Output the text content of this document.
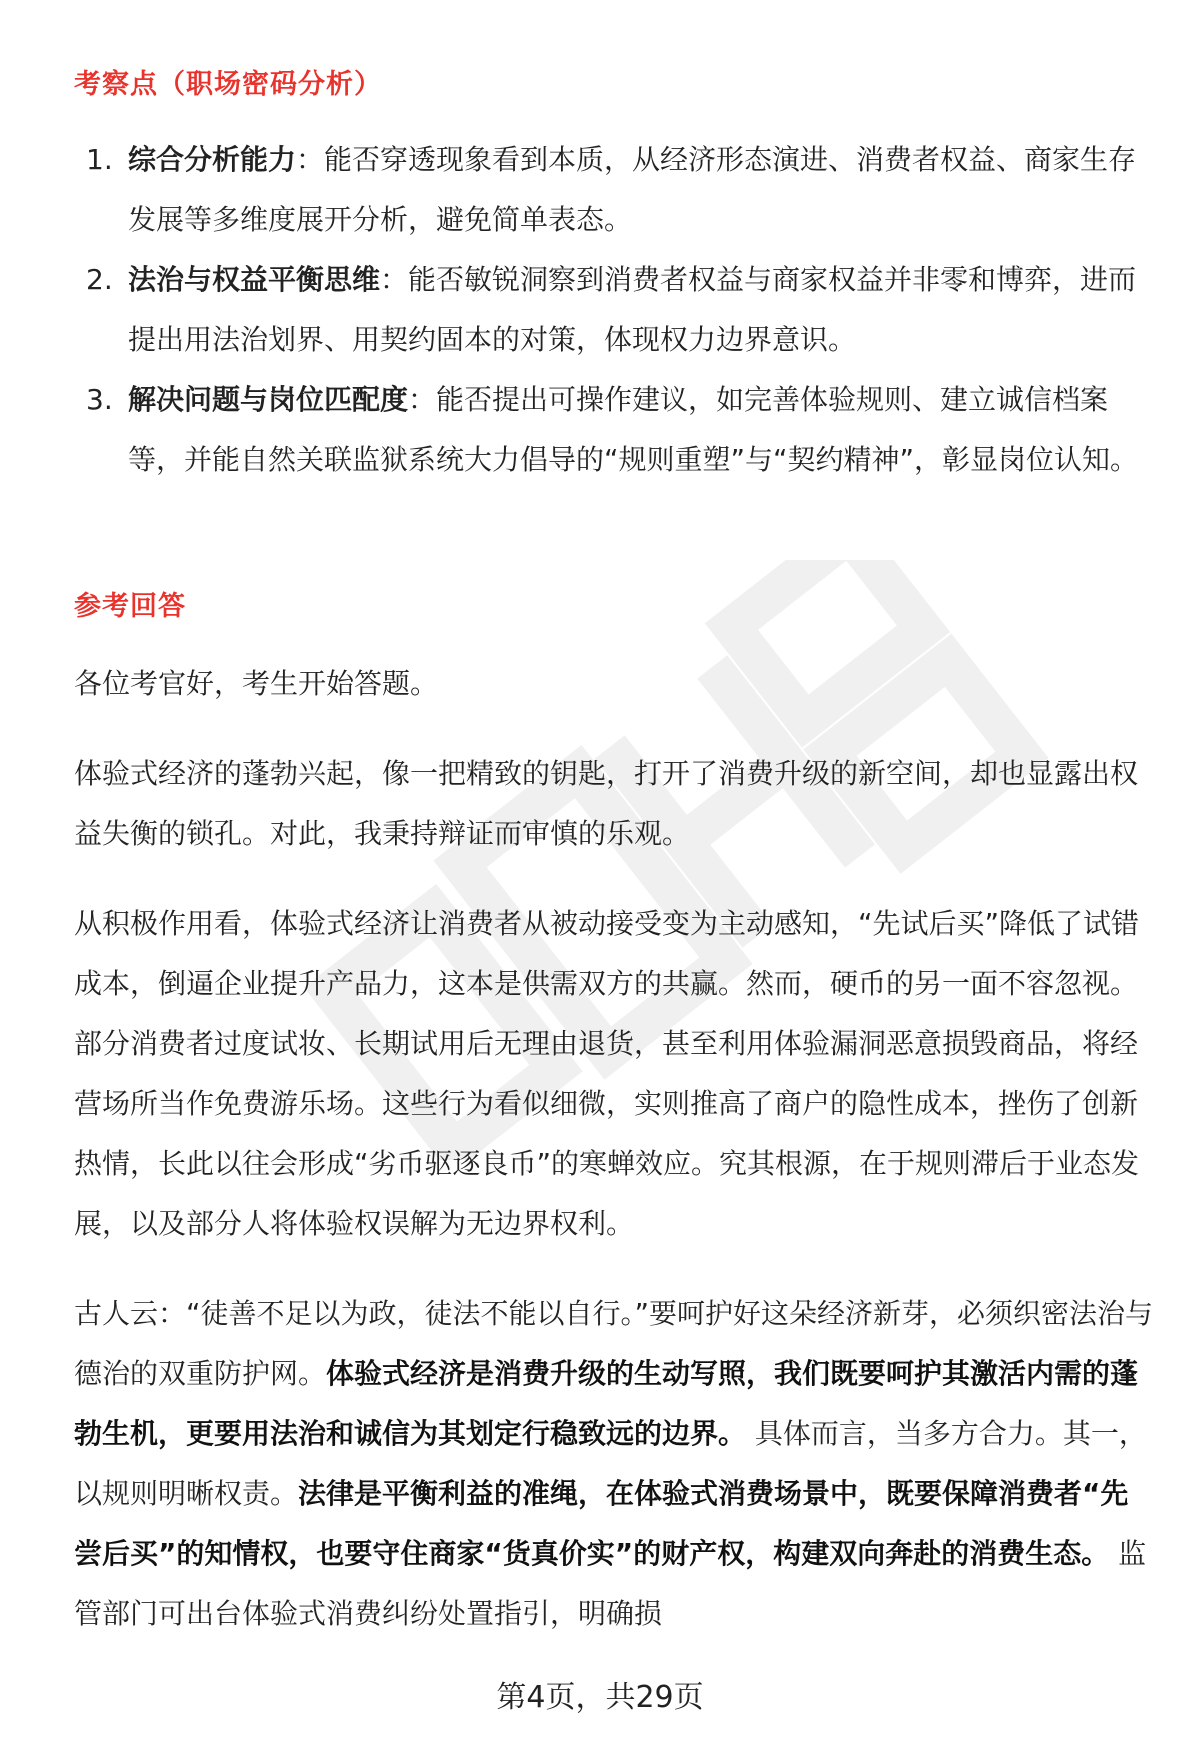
考察点（职场密码分析）
1. 综合分析能力：能否穿透现象看到本质，从经济形态演进、消费者权益、商家生存发展等多维度展开分析，避免简单表态。
2. 法治与权益平衡思维：能否敏锐洞察到消费者权益与商家权益并非零和博弈，进而提出用法治划界、用契约固本的对策，体现权力边界意识。
3. 解决问题与岗位匹配度：能否提出可操作建议，如完善体验规则、建立诚信档案等，并能自然关联监狱系统大力倡导的“规则重塑”与“契约精神”，彰显岗位认知。
参考回答

各位考官好，考生开始答题。

体验式经济的蓬勃兴起，像一把精致的钥匙，打开了消费升级的新空间，却也显露出权益失衡的锁孔。对此，我秉持辩证而审慎的乐观。

从积极作用看，体验式经济让消费者从被动接受变为主动感知，“先试后买”降低了试错成本，倒逼企业提升产品力，这本是供需双方的共赢。然而，硬币的另一面不容忽视。部分消费者过度试妆、长期试用后无理由退货，甚至利用体验漏洞恶意损毁商品，将经营场所当作免费游乐场。这些行为看似细微，实则推高了商户的隐性成本，挫伤了创新热情，长此以往会形成“劣币驱逐良币”的寒蝉效应。究其根源，在于规则滞后于业态发展，以及部分人将体验权误解为无边界权利。

古人云：“徒善不足以为政，徒法不能以自行。”要呵护好这朵经济新芽，必须织密法治与德治的双重防护网。体验式经济是消费升级的生动写照，我们既要呵护其激活内需的蓬勃生机，更要用法治和诚信为其划定行稳致远的边界。 具体而言，当多方合力。其一，以规则明晰权责。法律是平衡利益的准绳，在体验式消费场景中，既要保障消费者“先尝后买”的知情权，也要守住商家“货真价实”的财产权，构建双向奔赴的消费生态。 监管部门可出台体验式消费纠纷处置指引，明确损

第4页，共29页
